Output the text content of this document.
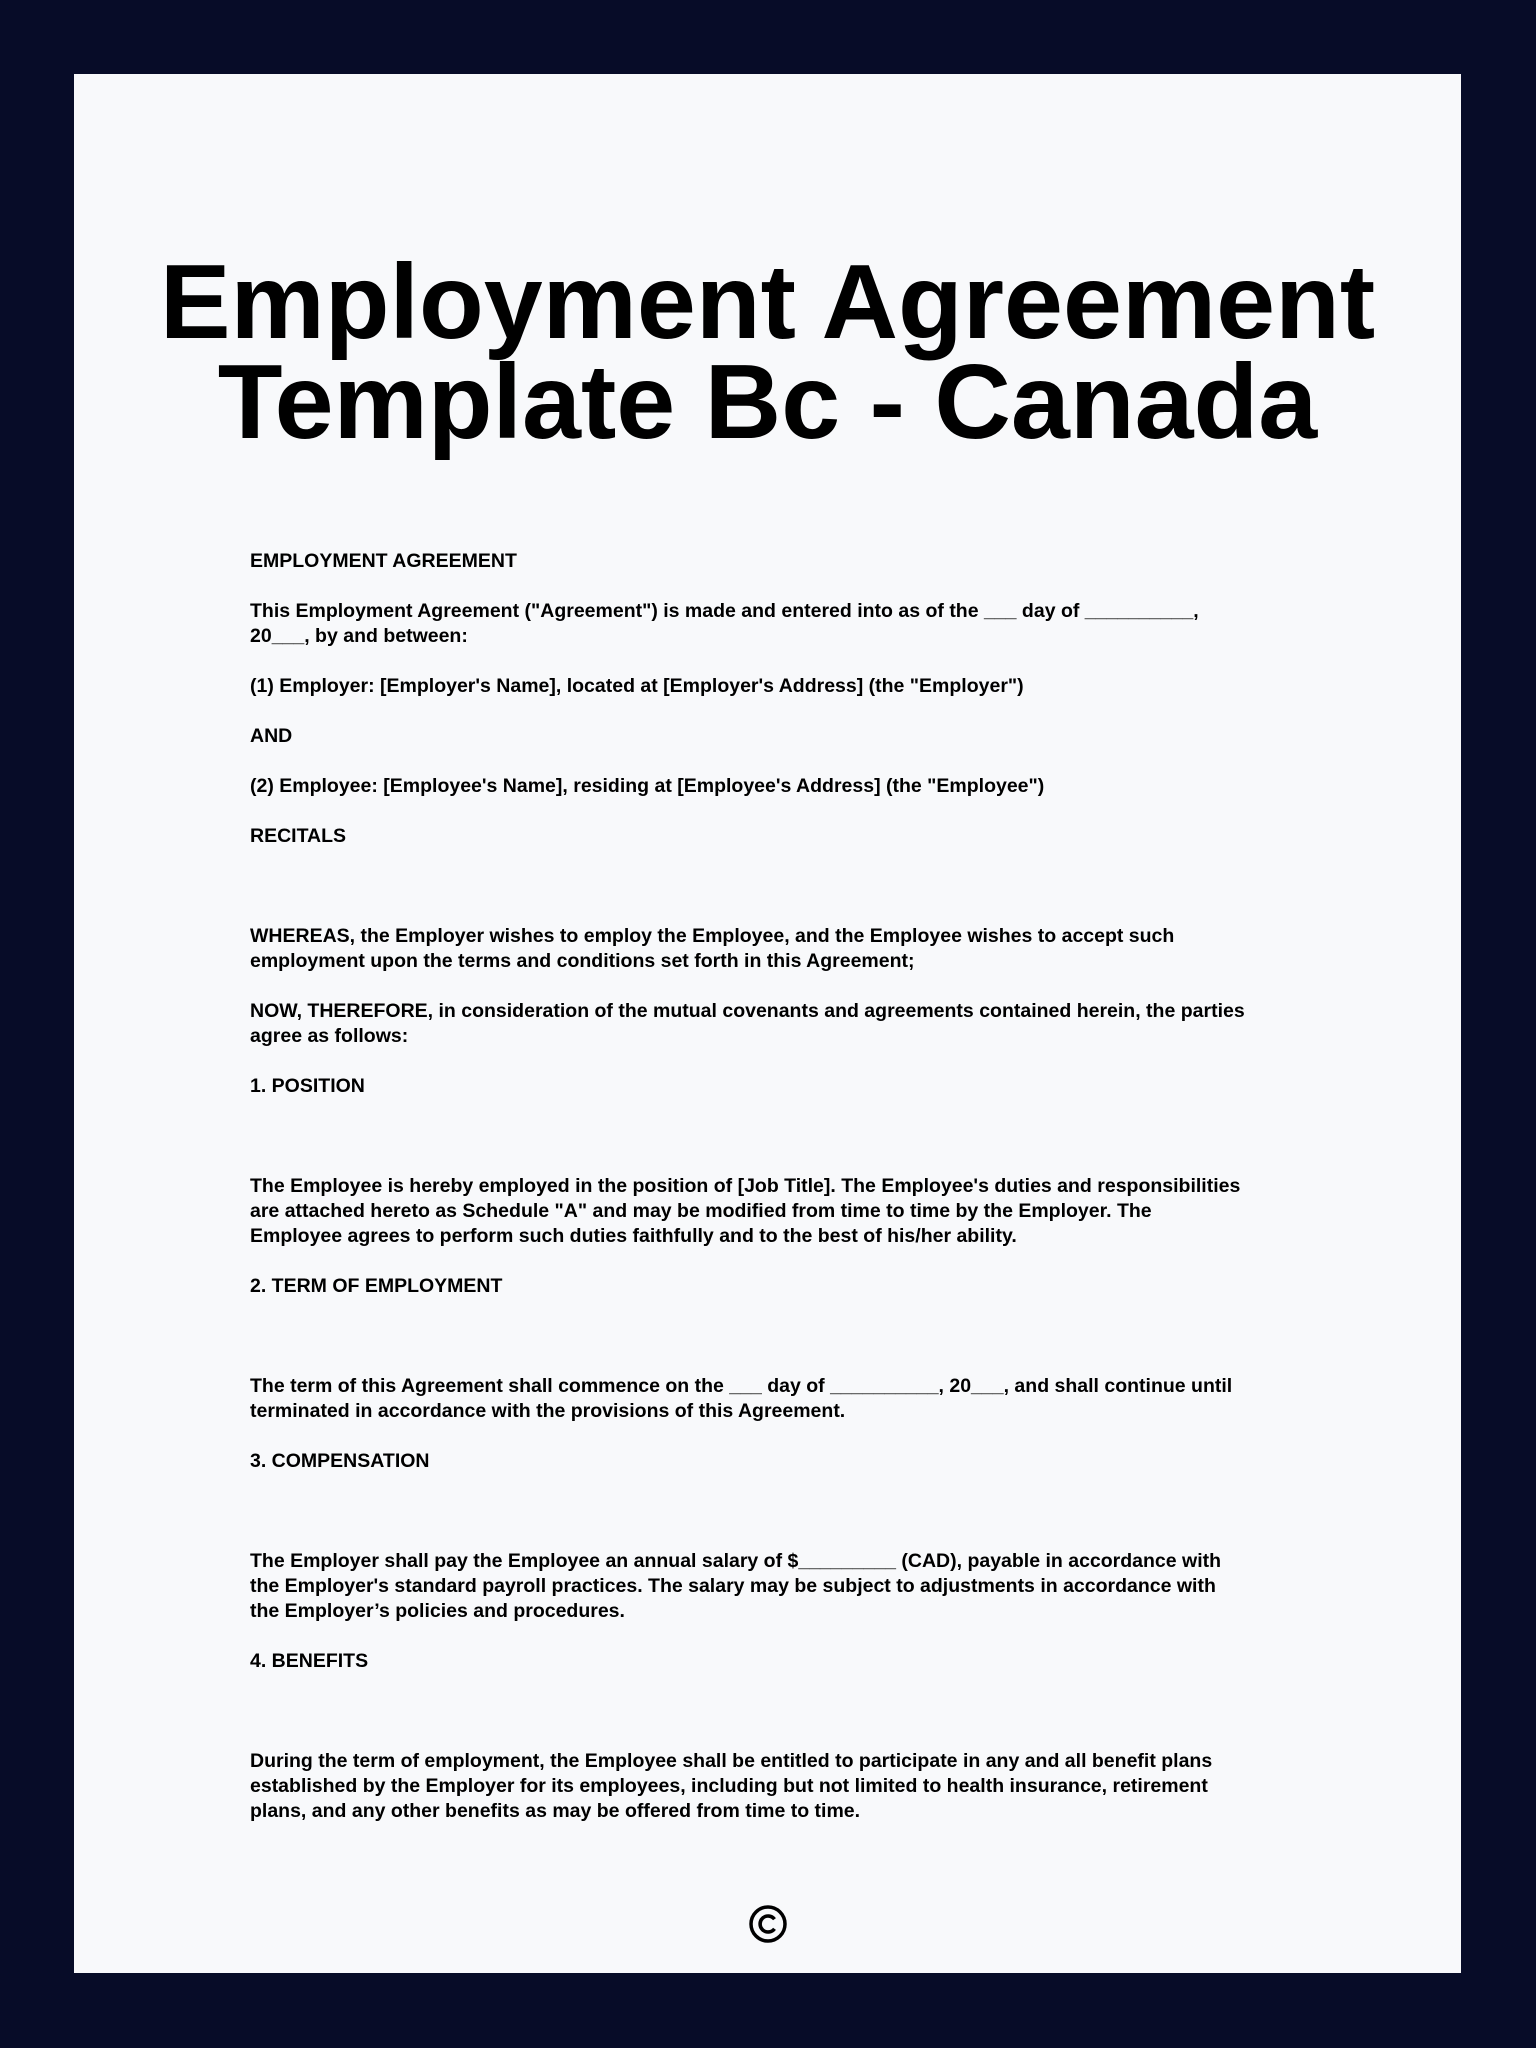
Employment Agreement
Template Bc - Canada

EMPLOYMENT AGREEMENT

This Employment Agreement ("Agreement") is made and entered into as of the ___ day of __________,
20___, by and between:

(1) Employer: [Employer's Name], located at [Employer's Address] (the "Employer")

AND

(2) Employee: [Employee's Name], residing at [Employee's Address] (the "Employee")

RECITALS

WHEREAS, the Employer wishes to employ the Employee, and the Employee wishes to accept such
employment upon the terms and conditions set forth in this Agreement;

NOW, THEREFORE, in consideration of the mutual covenants and agreements contained herein, the parties
agree as follows:

1. POSITION

The Employee is hereby employed in the position of [Job Title]. The Employee's duties and responsibilities
are attached hereto as Schedule "A" and may be modified from time to time by the Employer. The
Employee agrees to perform such duties faithfully and to the best of his/her ability.

2. TERM OF EMPLOYMENT

The term of this Agreement shall commence on the ___ day of __________, 20___, and shall continue until
terminated in accordance with the provisions of this Agreement.

3. COMPENSATION

The Employer shall pay the Employee an annual salary of $_________ (CAD), payable in accordance with
the Employer's standard payroll practices. The salary may be subject to adjustments in accordance with
the Employer’s policies and procedures.

4. BENEFITS

During the term of employment, the Employee shall be entitled to participate in any and all benefit plans
established by the Employer for its employees, including but not limited to health insurance, retirement
plans, and any other benefits as may be offered from time to time.
